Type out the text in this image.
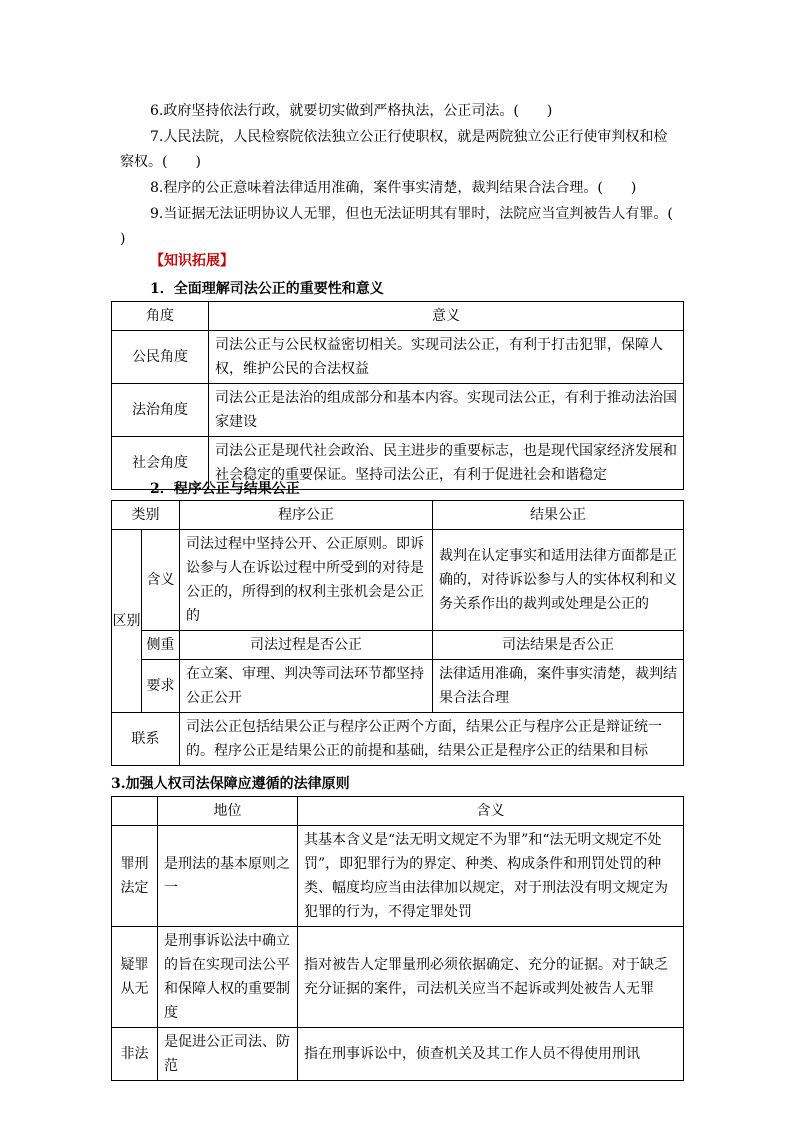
6.政府坚持依法行政，就要切实做到严格执法，公正司法。(　　)
7.人民法院，人民检察院依法独立公正行使职权，就是两院独立公正行使审判权和检
察权。(　　)
8.程序的公正意味着法律适用准确，案件事实清楚，裁判结果合法合理。(　　)
9.当证据无法证明协议人无罪，但也无法证明其有罪时，法院应当宣判被告人有罪。(
)
【知识拓展】
1．全面理解司法公正的重要性和意义
角度	意义
公民角度	司法公正与公民权益密切相关。实现司法公正，有利于打击犯罪，保障人权，维护公民的合法权益
法治角度	司法公正是法治的组成部分和基本内容。实现司法公正，有利于推动法治国家建设
社会角度	司法公正是现代社会政治、民主进步的重要标志，也是现代国家经济发展和社会稳定的重要保证。坚持司法公正，有利于促进社会和谐稳定
2．程序公正与结果公正
类别		程序公正	结果公正
区别	含义	司法过程中坚持公开、公正原则。即诉讼参与人在诉讼过程中所受到的对待是公正的，所得到的权利主张机会是公正的	裁判在认定事实和适用法律方面都是正确的，对待诉讼参与人的实体权利和义务关系作出的裁判或处理是公正的
	侧重	司法过程是否公正	司法结果是否公正
	要求	在立案、审理、判决等司法环节都坚持公正公开	法律适用准确，案件事实清楚，裁判结果合法合理
联系		司法公正包括结果公正与程序公正两个方面，结果公正与程序公正是辩证统一的。程序公正是结果公正的前提和基础，结果公正是程序公正的结果和目标	
3.加强人权司法保障应遵循的法律原则
	地位	含义
罪刑法定	是刑法的基本原则之一	其基本含义是“法无明文规定不为罪”和“法无明文规定不处罚”，即犯罪行为的界定、种类、构成条件和刑罚处罚的种类、幅度均应当由法律加以规定，对于刑法没有明文规定为犯罪的行为，不得定罪处罚
疑罪从无	是刑事诉讼法中确立的旨在实现司法公平和保障人权的重要制度	指对被告人定罪量刑必须依据确定、充分的证据。对于缺乏充分证据的案件，司法机关应当不起诉或判处被告人无罪
非法	是促进公正司法、防范	指在刑事诉讼中，侦查机关及其工作人员不得使用刑讯
